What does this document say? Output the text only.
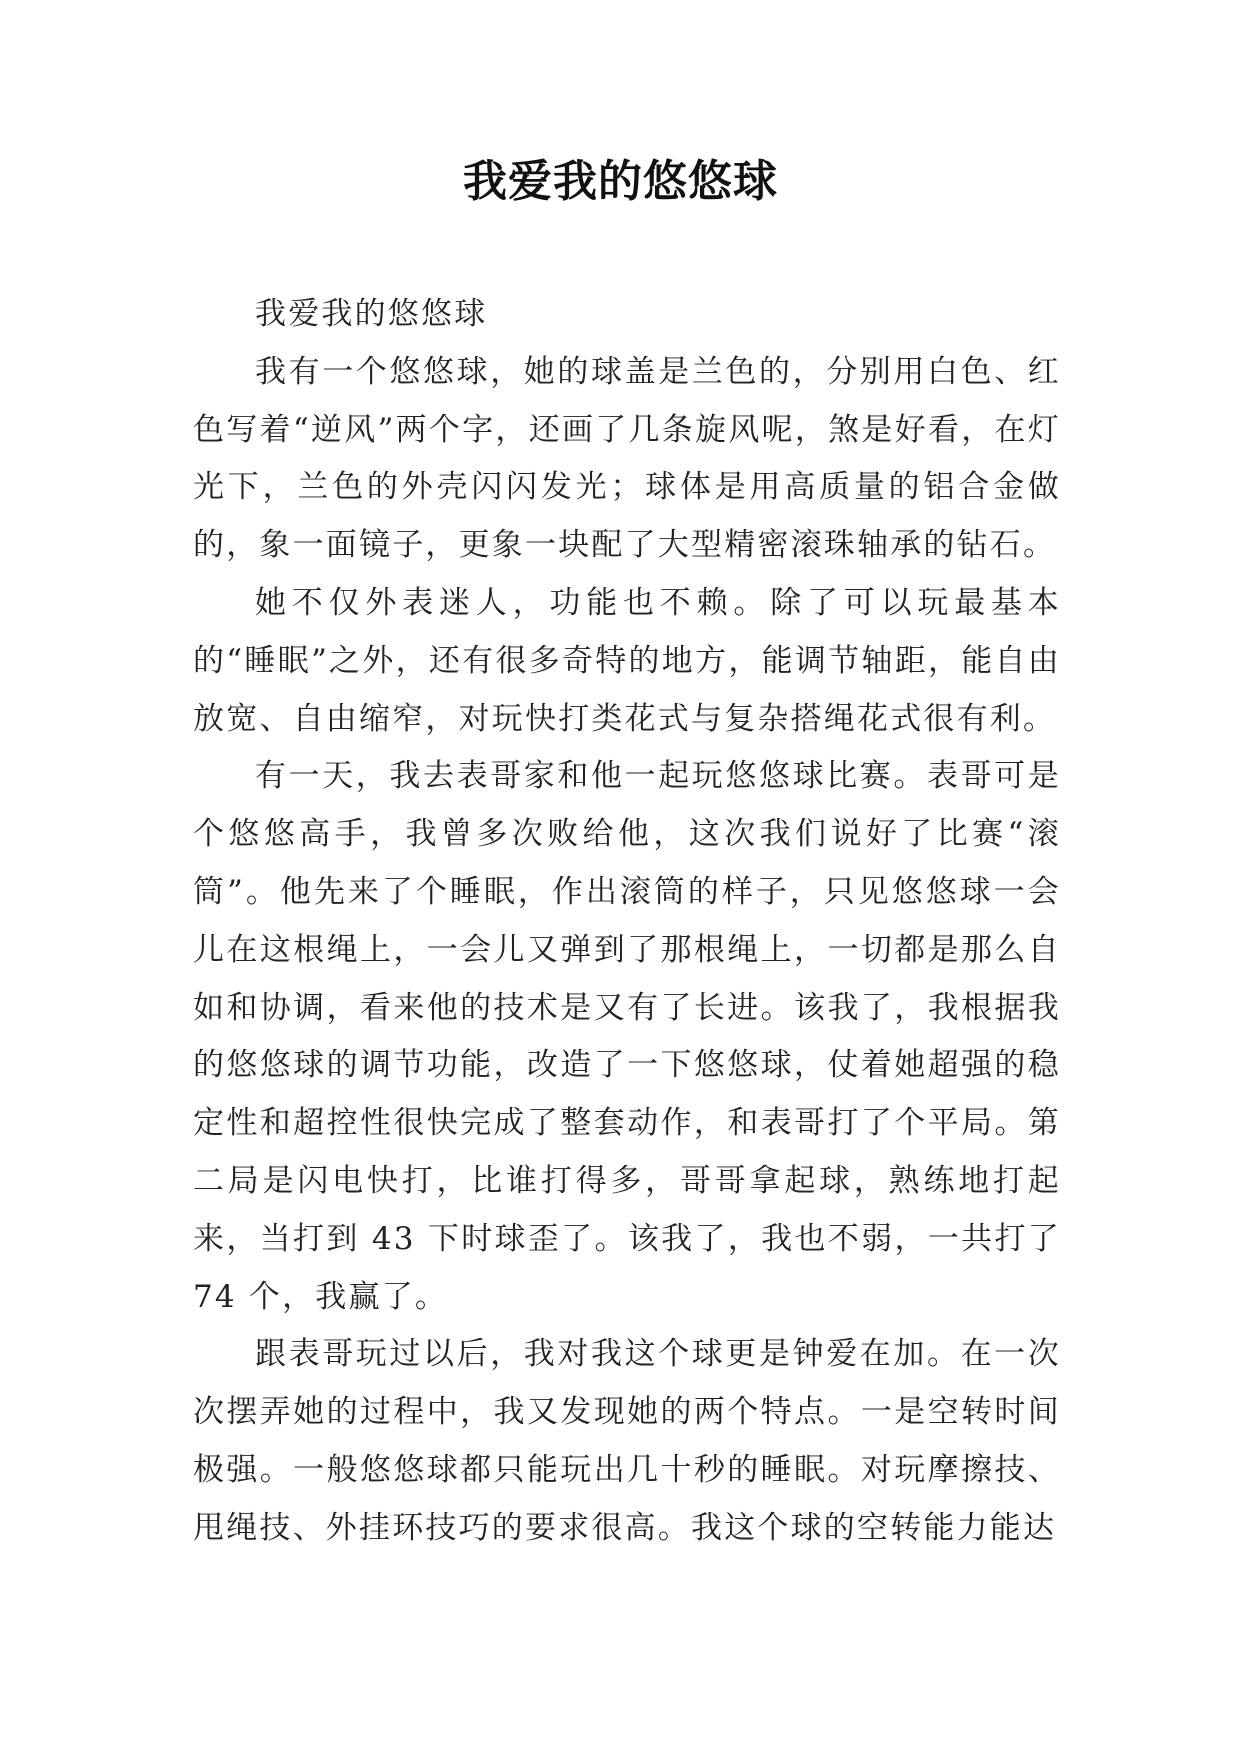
我爱我的悠悠球

我爱我的悠悠球

我有一个悠悠球，她的球盖是兰色的，分别用白色、红色写着“逆风”两个字，还画了几条旋风呢，煞是好看，在灯光下，兰色的外壳闪闪发光；球体是用高质量的铝合金做的，象一面镜子，更象一块配了大型精密滚珠轴承的钻石。

她不仅外表迷人，功能也不赖。除了可以玩最基本的“睡眠”之外，还有很多奇特的地方，能调节轴距，能自由放宽、自由缩窄，对玩快打类花式与复杂搭绳花式很有利。

有一天，我去表哥家和他一起玩悠悠球比赛。表哥可是个悠悠高手，我曾多次败给他，这次我们说好了比赛“滚筒”。他先来了个睡眠，作出滚筒的样子，只见悠悠球一会儿在这根绳上，一会儿又弹到了那根绳上，一切都是那么自如和协调，看来他的技术是又有了长进。该我了，我根据我的悠悠球的调节功能，改造了一下悠悠球，仗着她超强的稳定性和超控性很快完成了整套动作，和表哥打了个平局。第二局是闪电快打，比谁打得多，哥哥拿起球，熟练地打起来，当打到 43 下时球歪了。该我了，我也不弱，一共打了 74 个，我赢了。

跟表哥玩过以后，我对我这个球更是钟爱在加。在一次次摆弄她的过程中，我又发现她的两个特点。一是空转时间极强。一般悠悠球都只能玩出几十秒的睡眠。对玩摩擦技、甩绳技、外挂环技巧的要求很高。我这个球的空转能力能达
